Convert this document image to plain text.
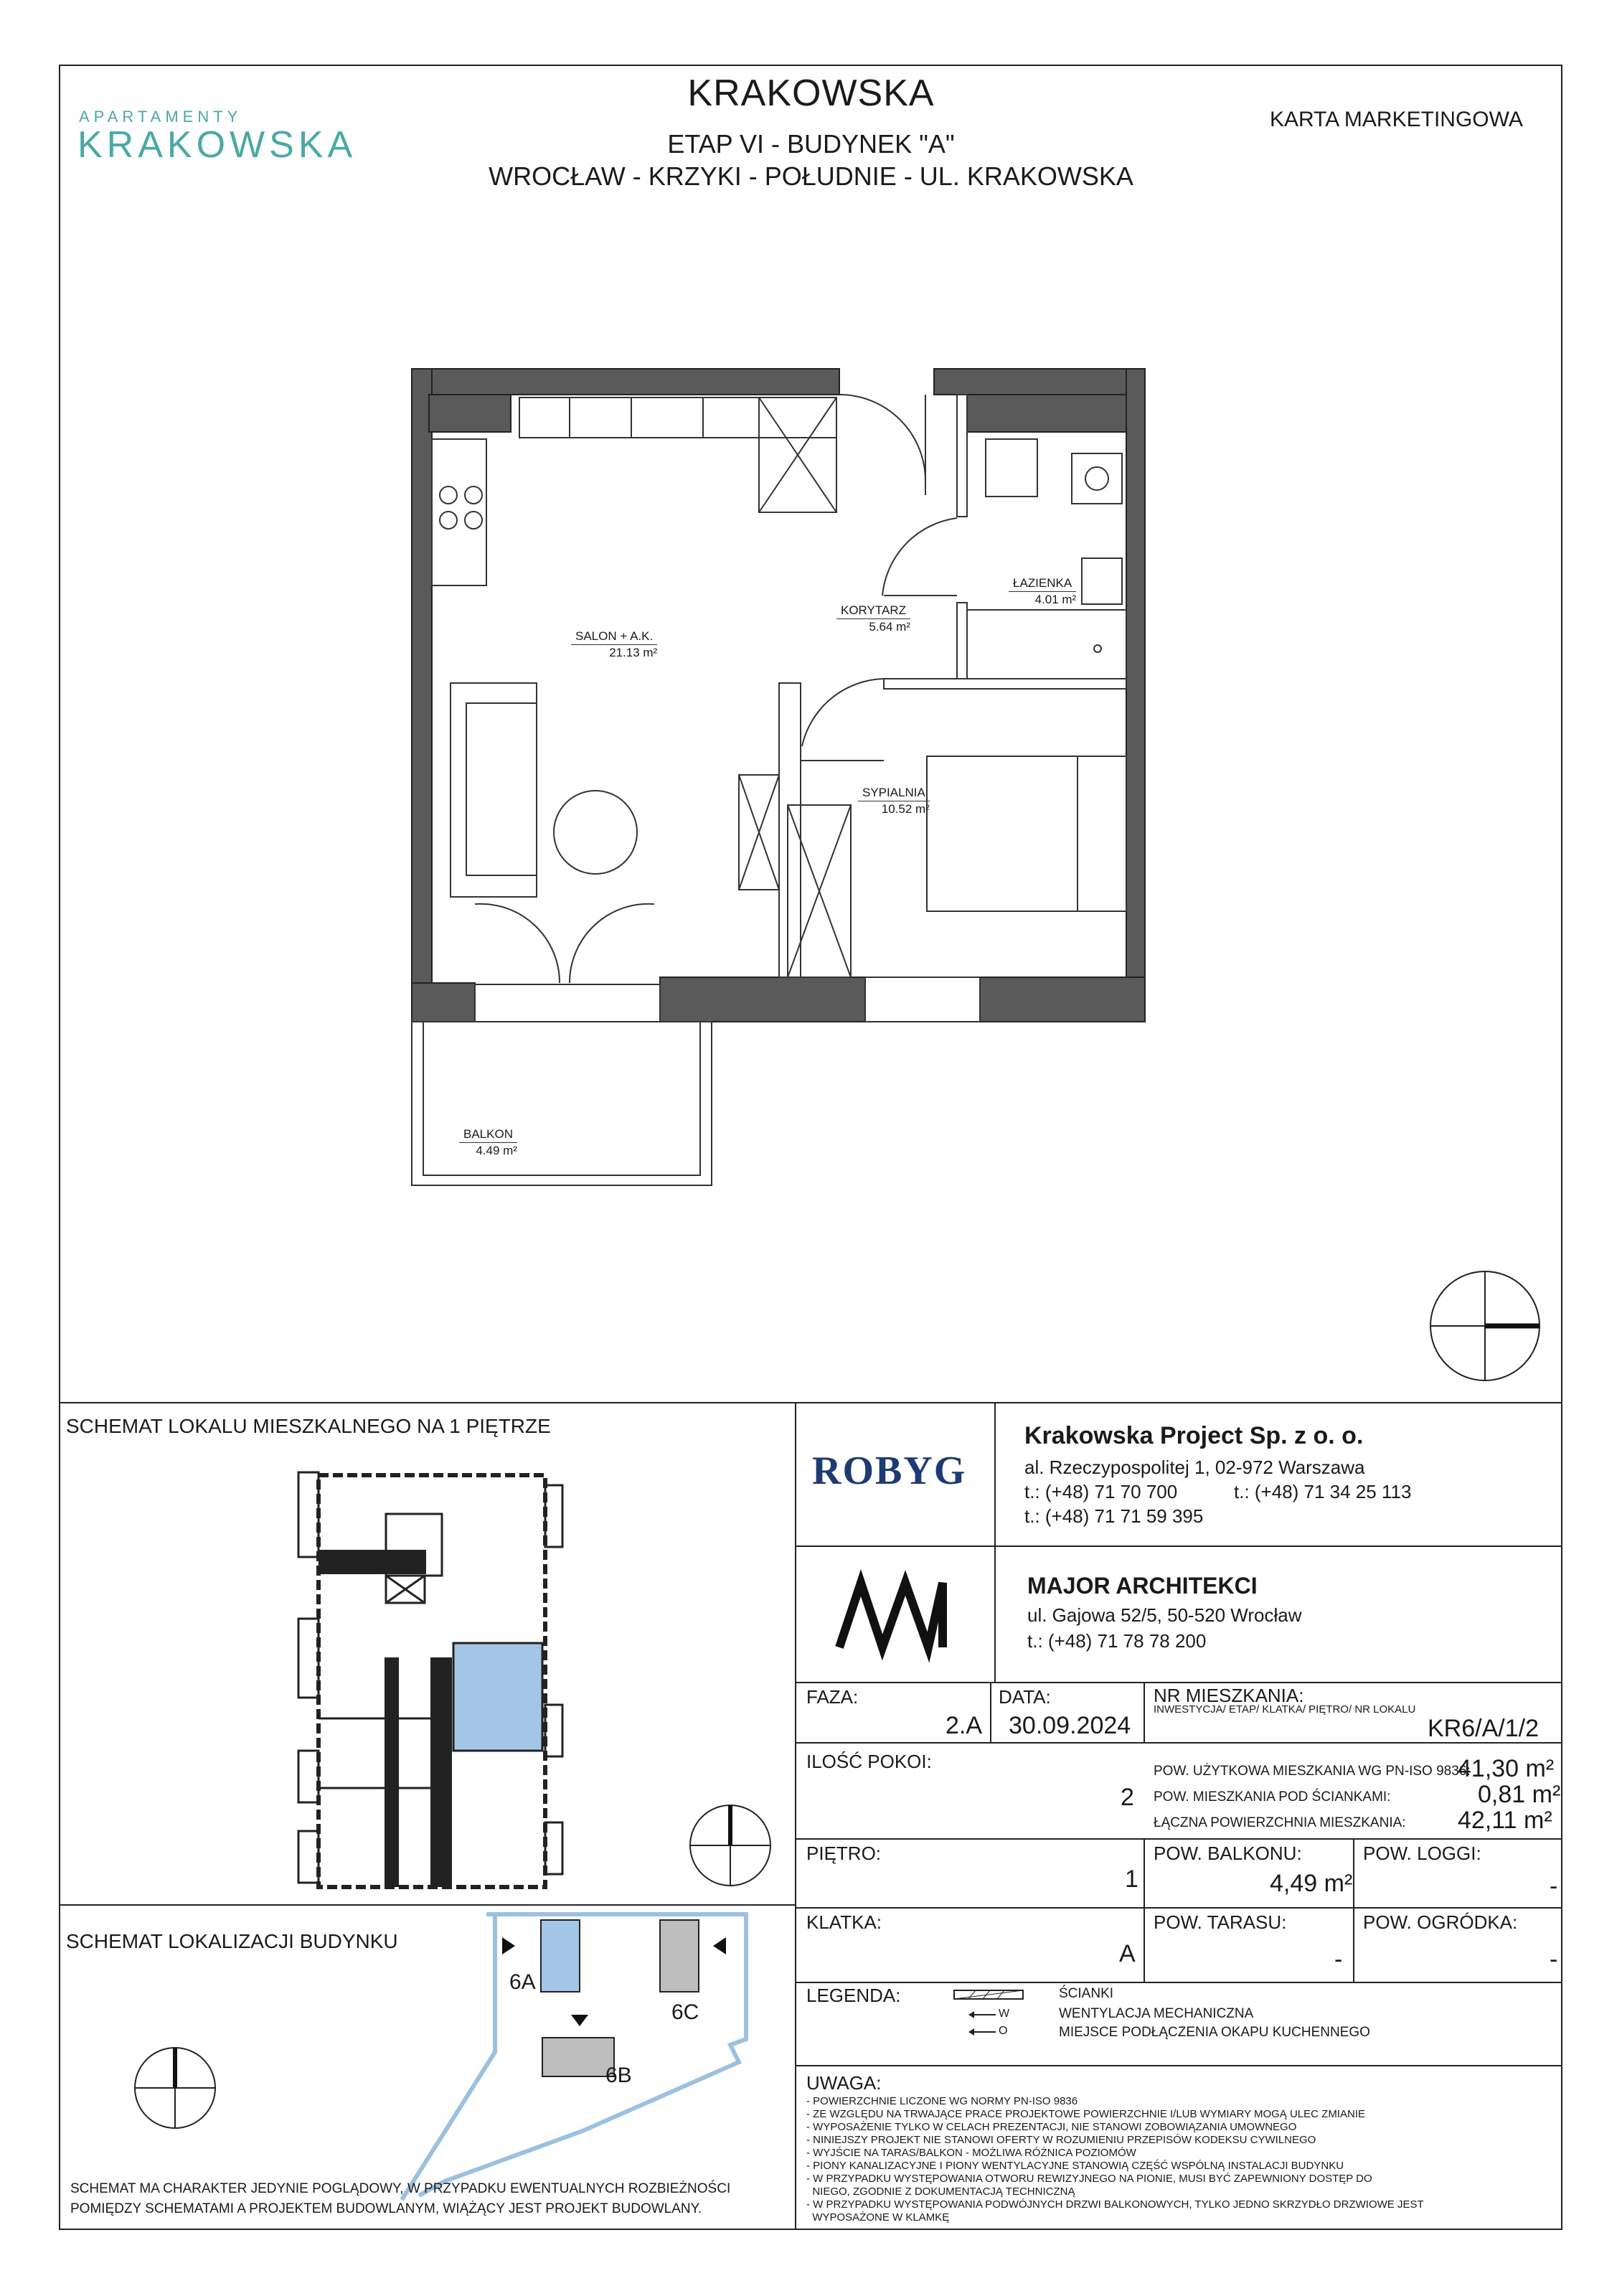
APARTAMENTY
KRAKOWSKA
KRAKOWSKA
ETAP VI - BUDYNEK "A"
WROCŁAW - KRZYKI - POŁUDNIE - UL. KRAKOWSKA
KARTA MARKETINGOWA
SALON + A.K.
21.13 m²
KORYTARZ
5.64 m²
ŁAZIENKA
4.01 m²
SYPIALNIA
10.52 m²
BALKON
4.49 m²
SCHEMAT LOKALU MIESZKALNEGO NA 1 PIĘTRZE
SCHEMAT LOKALIZACJI BUDYNKU
6A
6B
6C
SCHEMAT MA CHARAKTER JEDYNIE POGLĄDOWY, W PRZYPADKU EWENTUALNYCH ROZBIEŻNOŚCI
POMIĘDZY SCHEMATAMI A PROJEKTEM BUDOWLANYM, WIĄŻĄCY JEST PROJEKT BUDOWLANY.
ROBYG
Krakowska Project Sp. z o. o.
al. Rzeczypospolitej 1, 02-972 Warszawa
t.: (+48) 71 70 700	t.: (+48) 71 34 25 113
t.: (+48) 71 71 59 395
MAJOR ARCHITEKCI
ul. Gajowa 52/5, 50-520 Wrocław
t.: (+48) 71 78 78 200
FAZA:
2.A
DATA:
30.09.2024
NR MIESZKANIA:
INWESTYCJA/ ETAP/ KLATKA/ PIĘTRO/ NR LOKALU
KR6/A/1/2
ILOŚĆ POKOI:
2
POW. UŻYTKOWA MIESZKANIA WG PN-ISO 9836:
41,30 m²
POW. MIESZKANIA POD ŚCIANKAMI:	0,81 m²
ŁĄCZNA POWIERZCHNIA MIESZKANIA: 42,11 m²
PIĘTRO:
1
POW. BALKONU:
4,49 m²
POW. LOGGI:
-
KLATKA:
A
POW. TARASU:
-
POW. OGRÓDKA:
-
LEGENDA:
W
O
ŚCIANKI
WENTYLACJA MECHANICZNA
MIEJSCE PODŁĄCZENIA OKAPU KUCHENNEGO
UWAGA:
- POWIERZCHNIE LICZONE WG NORMY PN-ISO 9836
- ZE WZGLĘDU NA TRWAJĄCE PRACE PROJEKTOWE POWIERZCHNIE I/LUB WYMIARY MOGĄ ULEC ZMIANIE
- WYPOSAŻENIE TYLKO W CELACH PREZENTACJI, NIE STANOWI ZOBOWIĄZANIA UMOWNEGO
- NINIEJSZY PROJEKT NIE STANOWI OFERTY W ROZUMIENIU PRZEPISÓW KODEKSU CYWILNEGO
- WYJŚCIE NA TARAS/BALKON - MOŻLIWA RÓŻNICA POZIOMÓW
- PIONY KANALIZACYJNE I PIONY WENTYLACYJNE STANOWIĄ CZĘŚĆ WSPÓLNĄ INSTALACJI BUDYNKU
- W PRZYPADKU WYSTĘPOWANIA OTWORU REWIZYJNEGO NA PIONIE, MUSI BYĆ ZAPEWNIONY DOSTĘP DO
NIEGO, ZGODNIE Z DOKUMENTACJĄ TECHNICZNĄ
- W PRZYPADKU WYSTĘPOWANIA PODWÓJNYCH DRZWI BALKONOWYCH, TYLKO JEDNO SKRZYDŁO DRZWIOWE JEST
WYPOSAŻONE W KLAMKĘ
